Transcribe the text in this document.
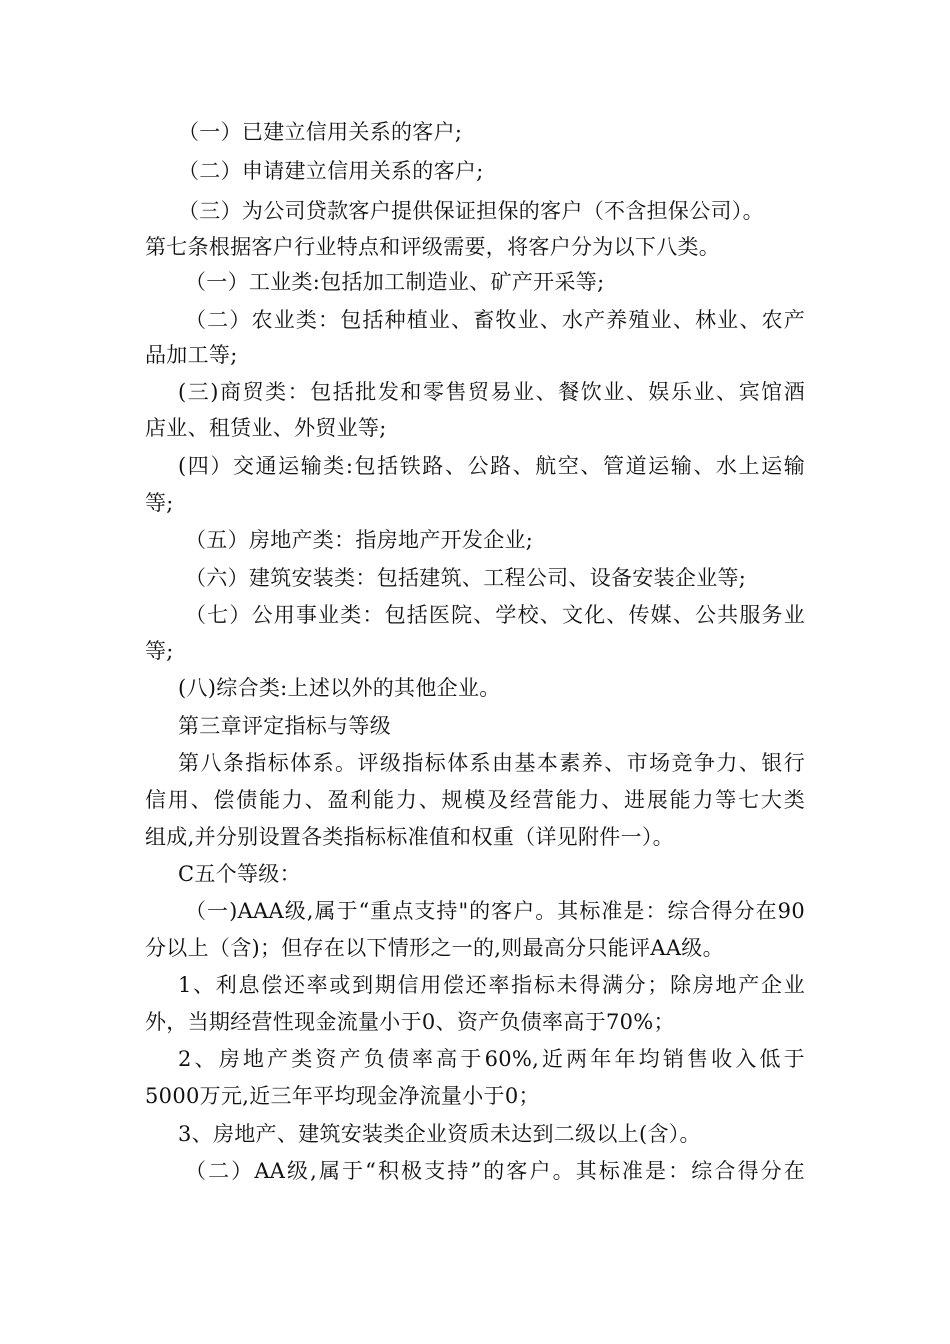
（一）已建立信用关系的客户;
（二）申请建立信用关系的客户;
（三）为公司贷款客户提供保证担保的客户（不含担保公司）。
第七条根据客户行业特点和评级需要，将客户分为以下八类。
（一）工业类:包括加工制造业、矿产开采等;
（二）农业类：包括种植业、畜牧业、水产养殖业、林业、农产
品加工等;
(三)商贸类：包括批发和零售贸易业、餐饮业、娱乐业、宾馆酒
店业、租赁业、外贸业等;
(四）交通运输类:包括铁路、公路、航空、管道运输、水上运输
等;
（五）房地产类：指房地产开发企业;
（六）建筑安装类：包括建筑、工程公司、设备安装企业等;
（七）公用事业类：包括医院、学校、文化、传媒、公共服务业
等;
(八)综合类:上述以外的其他企业。
第三章评定指标与等级
第八条指标体系。评级指标体系由基本素养、市场竞争力、银行
信用、偿债能力、盈利能力、规模及经营能力、进展能力等七大类
组成,并分别设置各类指标标准值和权重（详见附件一）。
C五个等级：
（一)AAA级,属于“重点支持"的客户。其标准是：综合得分在90
分以上（含)；但存在以下情形之一的,则最高分只能评AA级。
1、利息偿还率或到期信用偿还率指标未得满分；除房地产企业
外，当期经营性现金流量小于0、资产负债率高于70%；
2、房地产类资产负债率高于60%,近两年年均销售收入低于
5000万元,近三年平均现金净流量小于0；
3、房地产、建筑安装类企业资质未达到二级以上(含）。
（二）AA级,属于“积极支持”的客户。其标准是：综合得分在
